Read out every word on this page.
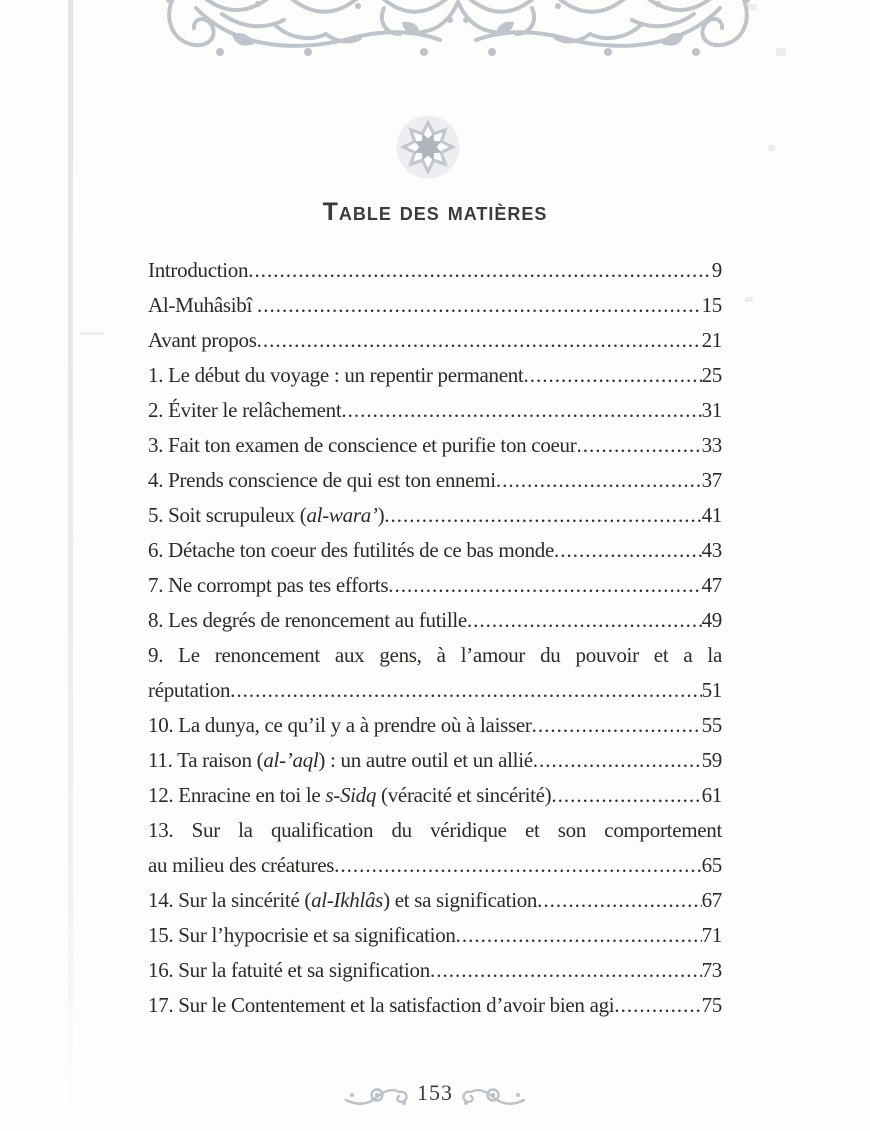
Table des matières
Introduction .....	9
Al-Muhâsibî .....	15
Avant propos .....	21
1. Le début du voyage : un repentir permanent .....	25
2. Éviter le relâchement .....	31
3. Fait ton examen de conscience et purifie ton coeur .....	33
4. Prends conscience de qui est ton ennemi .....	37
5. Soit scrupuleux ( al-wara’ ) .....	41
6. Détache ton coeur des futilités de ce bas monde .....	43
7. Ne corrompt pas tes efforts .....	47
8. Les degrés de renoncement au futille .....	49
9. Le renoncement aux gens, à l’amour du pouvoir et a la
réputation .....	51
10. La dunya, ce qu’il y a à prendre où à laisser .....	55
11. Ta raison ( al-’aql ) : un autre outil et un allié .....	59
12. Enracine en toi le s-Sidq (véracité et sincérité) .....	61
13. Sur la qualification du véridique et son comportement
au milieu des créatures .....	65
14. Sur la sincérité ( al-Ikhlâs ) et sa signification .....	67
15. Sur l’hypocrisie et sa signification .....	71
16. Sur la fatuité et sa signification .....	73
17. Sur le Contentement et la satisfaction d’avoir bien agi .....	75
153
